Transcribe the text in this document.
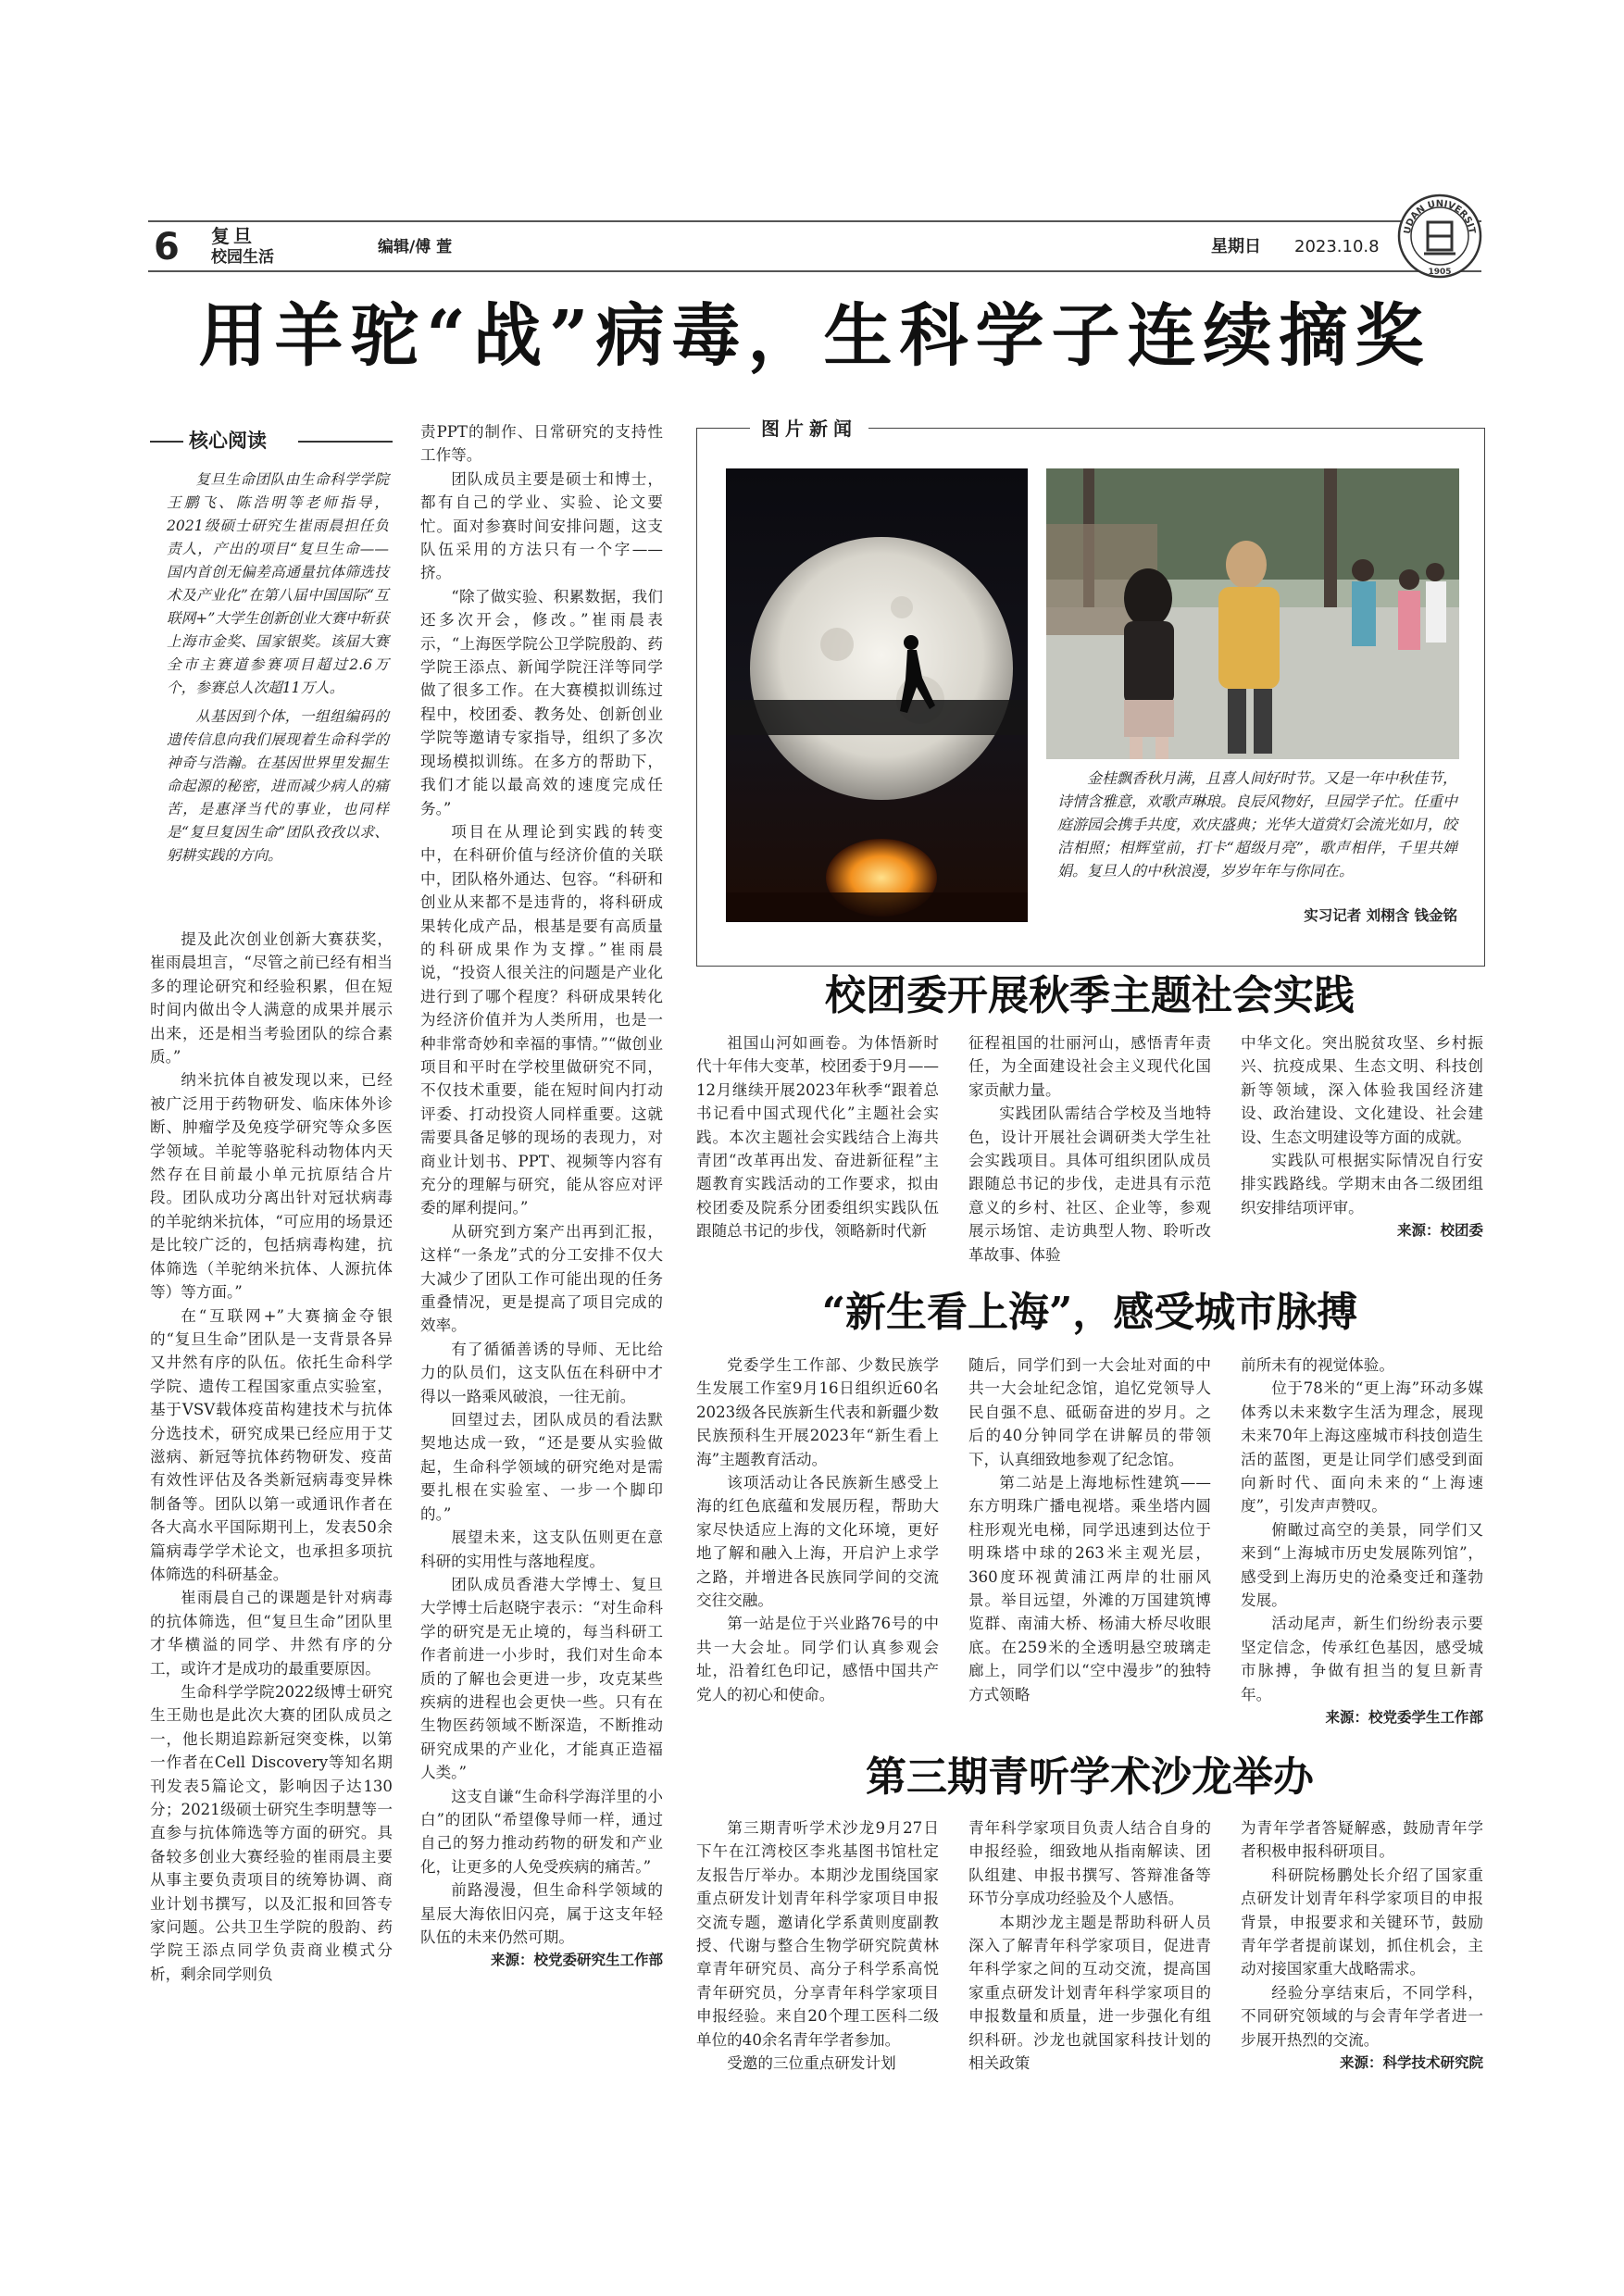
6 复旦
校园生活
编辑/傅 萱	星期日 2023.10.8
UDAN UNIVERSIT
1905
用羊驼“战”病毒，生科学子连续摘奖
核心阅读

复旦生命团队由生命科学学院王鹏飞、陈浩明等老师指导，2021级硕士研究生崔雨晨担任负责人，产出的项目“复旦生命——国内首创无偏差高通量抗体筛选技术及产业化”在第八届中国国际“互联网+”大学生创新创业大赛中斩获上海市金奖、国家银奖。该届大赛全市主赛道参赛项目超过2.6万个，参赛总人次超11万人。

从基因到个体，一组组编码的遗传信息向我们展现着生命科学的神奇与浩瀚。在基因世界里发掘生命起源的秘密，进而减少病人的痛苦，是惠泽当代的事业，也同样是“复旦复因生命”团队孜孜以求、躬耕实践的方向。

提及此次创业创新大赛获奖，崔雨晨坦言，“尽管之前已经有相当多的理论研究和经验积累，但在短时间内做出令人满意的成果并展示出来，还是相当考验团队的综合素质。”

纳米抗体自被发现以来，已经被广泛用于药物研发、临床体外诊断、肿瘤学及免疫学研究等众多医学领域。羊驼等骆驼科动物体内天然存在目前最小单元抗原结合片段。团队成功分离出针对冠状病毒的羊驼纳米抗体，“可应用的场景还是比较广泛的，包括病毒构建，抗体筛选（羊驼纳米抗体、人源抗体等）等方面。”

在“互联网+”大赛摘金夺银的“复旦生命”团队是一支背景各异又井然有序的队伍。依托生命科学学院、遗传工程国家重点实验室，基于VSV载体疫苗构建技术与抗体分选技术，研究成果已经应用于艾滋病、新冠等抗体药物研发、疫苗有效性评估及各类新冠病毒变异株制备等。团队以第一或通讯作者在各大高水平国际期刊上，发表50余篇病毒学学术论文，也承担多项抗体筛选的科研基金。

崔雨晨自己的课题是针对病毒的抗体筛选，但“复旦生命”团队里才华横溢的同学、井然有序的分工，或许才是成功的最重要原因。

生命科学学院2022级博士研究生王勋也是此次大赛的团队成员之一，他长期追踪新冠突变株，以第一作者在Cell Discovery等知名期刊发表5篇论文，影响因子达130分；2021级硕士研究生李明慧等一直参与抗体筛选等方面的研究。具备较多创业大赛经验的崔雨晨主要从事主要负责项目的统筹协调、商业计划书撰写，以及汇报和回答专家问题。公共卫生学院的殷韵、药学院王添点同学负责商业模式分析，剩余同学则负

责PPT的制作、日常研究的支持性工作等。

团队成员主要是硕士和博士，都有自己的学业、实验、论文要忙。面对参赛时间安排问题，这支队伍采用的方法只有一个字——挤。

“除了做实验、积累数据，我们还多次开会，修改。”崔雨晨表示，“上海医学院公卫学院殷韵、药学院王添点、新闻学院汪洋等同学做了很多工作。在大赛模拟训练过程中，校团委、教务处、创新创业学院等邀请专家指导，组织了多次现场模拟训练。在多方的帮助下，我们才能以最高效的速度完成任务。”

项目在从理论到实践的转变中，在科研价值与经济价值的关联中，团队格外通达、包容。“科研和创业从来都不是违背的，将科研成果转化成产品，根基是要有高质量的科研成果作为支撑。”崔雨晨说，“投资人很关注的问题是产业化进行到了哪个程度？科研成果转化为经济价值并为人类所用，也是一种非常奇妙和幸福的事情。”“做创业项目和平时在学校里做研究不同，不仅技术重要，能在短时间内打动评委、打动投资人同样重要。这就需要具备足够的现场的表现力，对商业计划书、PPT、视频等内容有充分的理解与研究，能从容应对评委的犀利提问。”

从研究到方案产出再到汇报，这样“一条龙”式的分工安排不仅大大减少了团队工作可能出现的任务重叠情况，更是提高了项目完成的效率。

有了循循善诱的导师、无比给力的队员们，这支队伍在科研中才得以一路乘风破浪，一往无前。

回望过去，团队成员的看法默契地达成一致，“还是要从实验做起，生命科学领域的研究绝对是需要扎根在实验室、一步一个脚印的。”

展望未来，这支队伍则更在意科研的实用性与落地程度。

团队成员香港大学博士、复旦大学博士后赵晓宇表示：“对生命科学的研究是无止境的，每当科研工作者前进一小步时，我们对生命本质的了解也会更进一步，攻克某些疾病的进程也会更快一些。只有在生物医药领域不断深造，不断推动研究成果的产业化，才能真正造福人类。”

这支自谦“生命科学海洋里的小白”的团队“希望像导师一样，通过自己的努力推动药物的研发和产业化，让更多的人免受疾病的痛苦。”

前路漫漫，但生命科学领域的星辰大海依旧闪亮，属于这支年轻队伍的未来仍然可期。

来源：校党委研究生工作部

图片新闻
金桂飘香秋月满，且喜人间好时节。又是一年中秋佳节，诗情含雅意，欢歌声琳琅。良辰风物好，旦园学子忙。任重中庭游园会携手共度，欢庆盛典；光华大道赏灯会流光如月，皎洁相照；相辉堂前，打卡“超级月亮”，歌声相伴，千里共婵娟。复旦人的中秋浪漫，岁岁年年与你同在。
实习记者 刘栩含 钱金铭
校团委开展秋季主题社会实践

祖国山河如画卷。为体悟新时代十年伟大变革，校团委于9月——12月继续开展2023年秋季“跟着总书记看中国式现代化”主题社会实践。本次主题社会实践结合上海共青团“改革再出发、奋进新征程”主题教育实践活动的工作要求，拟由校团委及院系分团委组织实践队伍跟随总书记的步伐，领略新时代新

征程祖国的壮丽河山，感悟青年责任，为全面建设社会主义现代化国家贡献力量。

实践团队需结合学校及当地特色，设计开展社会调研类大学生社会实践项目。具体可组织团队成员跟随总书记的步伐，走进具有示范意义的乡村、社区、企业等，参观展示场馆、走访典型人物、聆听改革故事、体验

中华文化。突出脱贫攻坚、乡村振兴、抗疫成果、生态文明、科技创新等领域，深入体验我国经济建设、政治建设、文化建设、社会建设、生态文明建设等方面的成就。

实践队可根据实际情况自行安排实践路线。学期末由各二级团组织安排结项评审。

来源：校团委

“新生看上海”，感受城市脉搏

党委学生工作部、少数民族学生发展工作室9月16日组织近60名2023级各民族新生代表和新疆少数民族预科生开展2023年“新生看上海”主题教育活动。

该项活动让各民族新生感受上海的红色底蕴和发展历程，帮助大家尽快适应上海的文化环境，更好地了解和融入上海，开启沪上求学之路，并增进各民族同学间的交流交往交融。

第一站是位于兴业路76号的中共一大会址。同学们认真参观会址，沿着红色印记，感悟中国共产党人的初心和使命。

随后，同学们到一大会址对面的中共一大会址纪念馆，追忆党领导人民自强不息、砥砺奋进的岁月。之后的40分钟同学在讲解员的带领下，认真细致地参观了纪念馆。

第二站是上海地标性建筑——东方明珠广播电视塔。乘坐塔内圆柱形观光电梯，同学迅速到达位于明珠塔中球的263米主观光层，360度环视黄浦江两岸的壮丽风景。举目远望，外滩的万国建筑博览群、南浦大桥、杨浦大桥尽收眼底。在259米的全透明悬空玻璃走廊上，同学们以“空中漫步”的独特方式领略

前所未有的视觉体验。

位于78米的“更上海”环动多媒体秀以未来数字生活为理念，展现未来70年上海这座城市科技创造生活的蓝图，更是让同学们感受到面向新时代、面向未来的“上海速度”，引发声声赞叹。

俯瞰过高空的美景，同学们又来到“上海城市历史发展陈列馆”，感受到上海历史的沧桑变迁和蓬勃发展。

活动尾声，新生们纷纷表示要坚定信念，传承红色基因，感受城市脉搏，争做有担当的复旦新青年。

来源：校党委学生工作部

第三期青听学术沙龙举办

第三期青听学术沙龙9月27日下午在江湾校区李兆基图书馆杜定友报告厅举办。本期沙龙围绕国家重点研发计划青年科学家项目申报交流专题，邀请化学系黄则度副教授、代谢与整合生物学研究院黄林章青年研究员、高分子科学系高悦青年研究员，分享青年科学家项目申报经验。来自20个理工医科二级单位的40余名青年学者参加。

受邀的三位重点研发计划

青年科学家项目负责人结合自身的申报经验，细致地从指南解读、团队组建、申报书撰写、答辩准备等环节分享成功经验及个人感悟。

本期沙龙主题是帮助科研人员深入了解青年科学家项目，促进青年科学家之间的互动交流，提高国家重点研发计划青年科学家项目的申报数量和质量，进一步强化有组织科研。沙龙也就国家科技计划的相关政策

为青年学者答疑解惑，鼓励青年学者积极申报科研项目。

科研院杨鹏处长介绍了国家重点研发计划青年科学家项目的申报背景，申报要求和关键环节，鼓励青年学者提前谋划，抓住机会，主动对接国家重大战略需求。

经验分享结束后，不同学科，不同研究领域的与会青年学者进一步展开热烈的交流。

来源：科学技术研究院
